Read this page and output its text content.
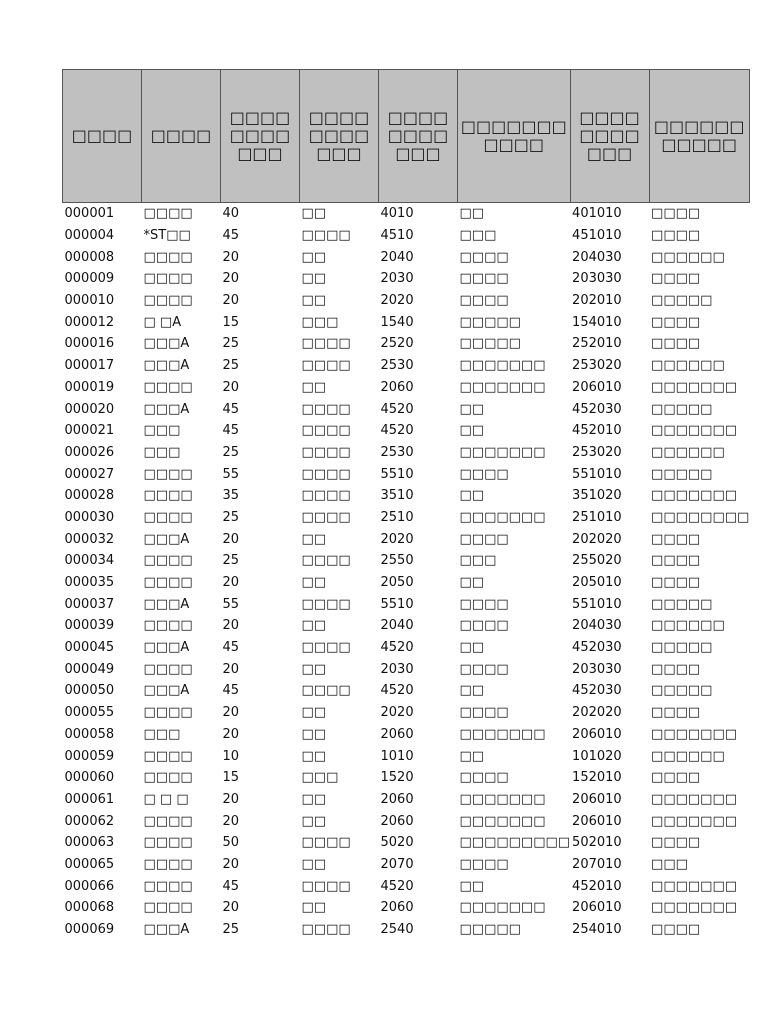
□□□□	□□□□	□□□□□□□□□□□	□□□□□□□□□□□	□□□□□□□□□□□	□□□□□□□□□□□	□□□□□□□□□□□	□□□□□□□□□□□
000001	□□□□	40	□□	4010	□□	401010	□□□□
000004	*ST□□	45	□□□□	4510	□□□	451010	□□□□
000008	□□□□	20	□□	2040	□□□□	204030	□□□□□□
000009	□□□□	20	□□	2030	□□□□	203030	□□□□
000010	□□□□	20	□□	2020	□□□□	202010	□□□□□
000012	□ □A	15	□□□	1540	□□□□□	154010	□□□□
000016	□□□A	25	□□□□	2520	□□□□□	252010	□□□□
000017	□□□A	25	□□□□	2530	□□□□□□□	253020	□□□□□□
000019	□□□□	20	□□	2060	□□□□□□□	206010	□□□□□□□
000020	□□□A	45	□□□□	4520	□□	452030	□□□□□
000021	□□□	45	□□□□	4520	□□	452010	□□□□□□□
000026	□□□	25	□□□□	2530	□□□□□□□	253020	□□□□□□
000027	□□□□	55	□□□□	5510	□□□□	551010	□□□□□
000028	□□□□	35	□□□□	3510	□□	351020	□□□□□□□
000030	□□□□	25	□□□□	2510	□□□□□□□	251010	□□□□□□□□
000032	□□□A	20	□□	2020	□□□□	202020	□□□□
000034	□□□□	25	□□□□	2550	□□□	255020	□□□□
000035	□□□□	20	□□	2050	□□	205010	□□□□
000037	□□□A	55	□□□□	5510	□□□□	551010	□□□□□
000039	□□□□	20	□□	2040	□□□□	204030	□□□□□□
000045	□□□A	45	□□□□	4520	□□	452030	□□□□□
000049	□□□□	20	□□	2030	□□□□	203030	□□□□
000050	□□□A	45	□□□□	4520	□□	452030	□□□□□
000055	□□□□	20	□□	2020	□□□□	202020	□□□□
000058	□□□	20	□□	2060	□□□□□□□	206010	□□□□□□□
000059	□□□□	10	□□	1010	□□	101020	□□□□□□
000060	□□□□	15	□□□	1520	□□□□	152010	□□□□
000061	□ □ □	20	□□	2060	□□□□□□□	206010	□□□□□□□
000062	□□□□	20	□□	2060	□□□□□□□	206010	□□□□□□□
000063	□□□□	50	□□□□	5020	□□□□□□□□□	502010	□□□□
000065	□□□□	20	□□	2070	□□□□	207010	□□□
000066	□□□□	45	□□□□	4520	□□	452010	□□□□□□□
000068	□□□□	20	□□	2060	□□□□□□□	206010	□□□□□□□
000069	□□□A	25	□□□□	2540	□□□□□	254010	□□□□
